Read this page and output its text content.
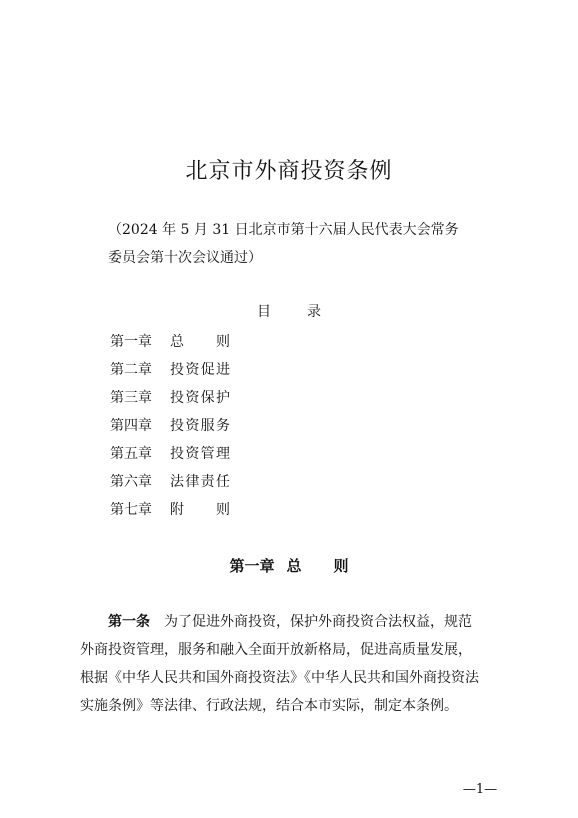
北京市外商投资条例
（2024 年 5 月 31 日北京市第十六届人民代表大会常务
委员会第十次会议通过）
目	录
第一章 总则
第二章 投资促进
第三章 投资保护
第四章 投资服务
第五章 投资管理
第六章 法律责任
第七章 附则
第一章 总则
第一条 为了促进外商投资，保护外商投资合法权益，规范
外商投资管理，服务和融入全面开放新格局，促进高质量发展，
根据《中华人民共和国外商投资法》《中华人民共和国外商投资法
实施条例》等法律、行政法规，结合本市实际，制定本条例。
—1—
